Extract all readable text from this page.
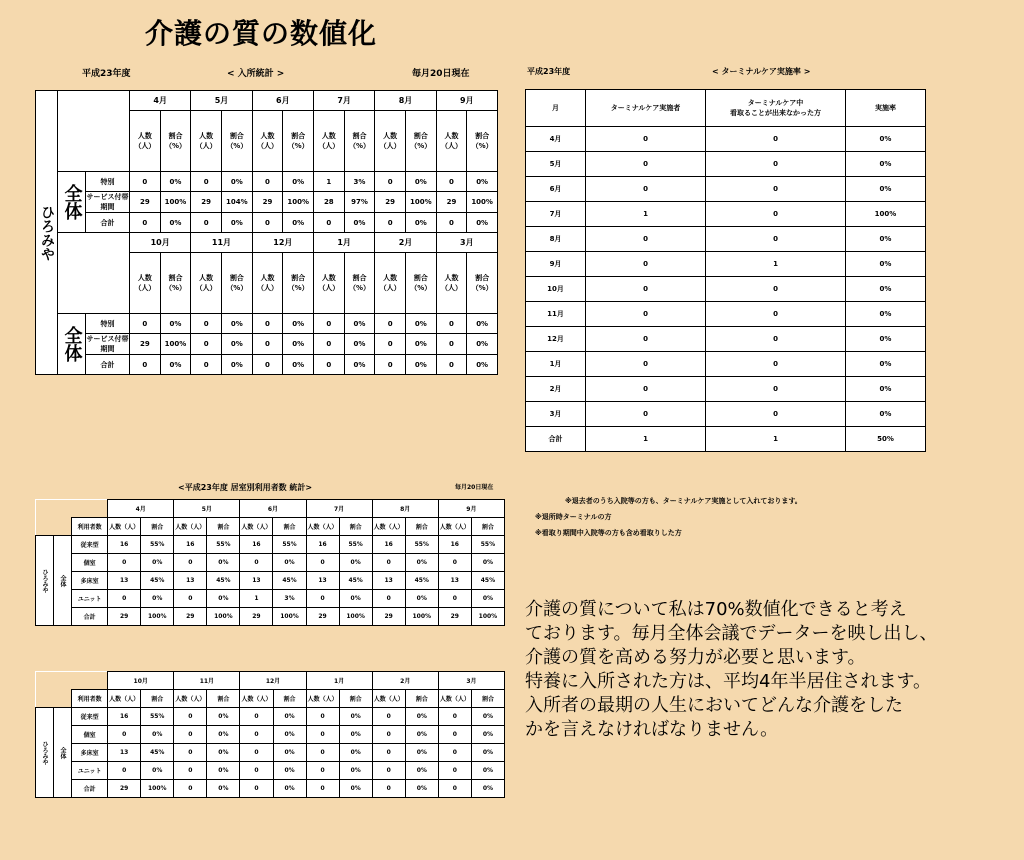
介護の質の数値化
平成23年度	< 入所統計 >	毎月20日現在
ひろみや			4月		5月		6月		7月		8月		9月	
			人数（人）	割合（%）	人数（人）	割合（%）	人数（人）	割合（%）	人数（人）	割合（%）	人数（人）	割合（%）	人数（人）	割合（%）
	全体	特別	0	0%	0	0%	0	0%	1	3%	0	0%	0	0%
		サービス付帯期間	29	100%	29	104%	29	100%	28	97%	29	100%	29	100%
		合計	0	0%	0	0%	0	0%	0	0%	0	0%	0	0%
			10月		11月		12月		1月		2月		3月	
			人数（人）	割合（%）	人数（人）	割合（%）	人数（人）	割合（%）	人数（人）	割合（%）	人数（人）	割合（%）	人数（人）	割合（%）
	全体	特別	0	0%	0	0%	0	0%	0	0%	0	0%	0	0%
		サービス付帯期間	29	100%	0	0%	0	0%	0	0%	0	0%	0	0%
		合計	0	0%	0	0%	0	0%	0	0%	0	0%	0	0%
平成23年度	< ターミナルケア実施率 >
月	ターミナルケア実施者	ターミナルケア中
看取ることが出来なかった方	実施率
4月	0	0	0%
5月	0	0	0%
6月	0	0	0%
7月	1	0	100%
8月	0	0	0%
9月	0	1	0%
10月	0	0	0%
11月	0	0	0%
12月	0	0	0%
1月	0	0	0%
2月	0	0	0%
3月	0	0	0%
合計	1	1	50%
※退去者のうち入院等の方も、ターミナルケア実施として入れております。
※退所時ターミナルの方
※看取り期間中入院等の方も含め看取りした方
<平成23年度 居室別利用者数 統計>	毎月20日現在
			4月		5月		6月		7月		8月		9月	
		利用者数	人数（人）	割合	人数（人）	割合	人数（人）	割合	人数（人）	割合	人数（人）	割合	人数（人）	割合
ひろみや	全体	従来型	16	55%	16	55%	16	55%	16	55%	16	55%	16	55%
		個室	0	0%	0	0%	0	0%	0	0%	0	0%	0	0%
		多床室	13	45%	13	45%	13	45%	13	45%	13	45%	13	45%
		ユニット	0	0%	0	0%	1	3%	0	0%	0	0%	0	0%
		合計	29	100%	29	100%	29	100%	29	100%	29	100%	29	100%
			10月		11月		12月		1月		2月		3月	
		利用者数	人数（人）	割合	人数（人）	割合	人数（人）	割合	人数（人）	割合	人数（人）	割合	人数（人）	割合
ひろみや	全体	従来型	16	55%	0	0%	0	0%	0	0%	0	0%	0	0%
		個室	0	0%	0	0%	0	0%	0	0%	0	0%	0	0%
		多床室	13	45%	0	0%	0	0%	0	0%	0	0%	0	0%
		ユニット	0	0%	0	0%	0	0%	0	0%	0	0%	0	0%
		合計	29	100%	0	0%	0	0%	0	0%	0	0%	0	0%
介護の質について私は70%数値化できると考え
ております。毎月全体会議でデーターを映し出し、
介護の質を高める努力が必要と思います。
特養に入所された方は、平均4年半居住されます。
入所者の最期の人生においてどんな介護をした
かを言えなければなりません。
